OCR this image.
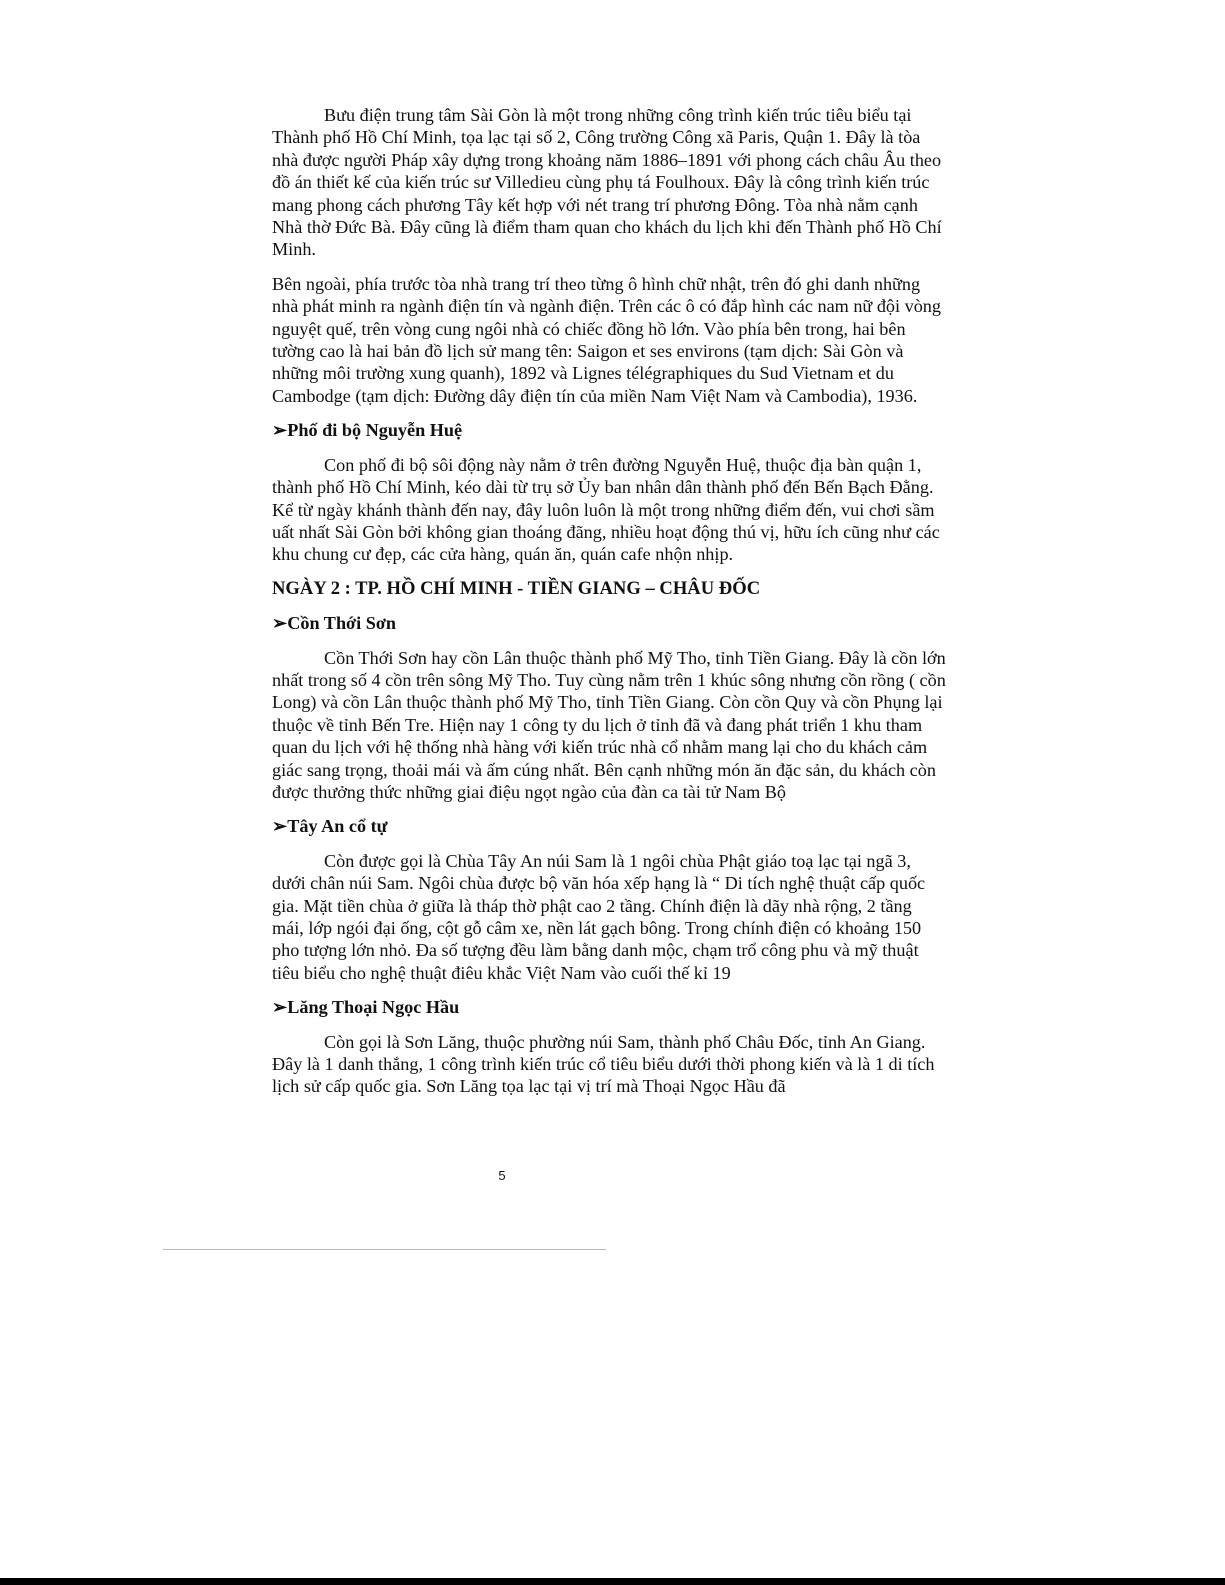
Bưu điện trung tâm Sài Gòn là một trong những công trình kiến trúc tiêu biểu tại Thành phố Hồ Chí Minh, tọa lạc tại số 2, Công trường Công xã Paris, Quận 1. Đây là tòa nhà được người Pháp xây dựng trong khoảng năm 1886–1891 với phong cách châu Âu theo đồ án thiết kế của kiến trúc sư Villedieu cùng phụ tá Foulhoux. Đây là công trình kiến trúc mang phong cách phương Tây kết hợp với nét trang trí phương Đông. Tòa nhà nằm cạnh Nhà thờ Đức Bà. Đây cũng là điểm tham quan cho khách du lịch khi đến Thành phố Hồ Chí Minh.

Bên ngoài, phía trước tòa nhà trang trí theo từng ô hình chữ nhật, trên đó ghi danh những nhà phát minh ra ngành điện tín và ngành điện. Trên các ô có đắp hình các nam nữ đội vòng nguyệt quế, trên vòng cung ngôi nhà có chiếc đồng hồ lớn. Vào phía bên trong, hai bên tường cao là hai bản đồ lịch sử mang tên: Saigon et ses environs (tạm dịch: Sài Gòn và những môi trường xung quanh), 1892 và Lignes télégraphiques du Sud Vietnam et du Cambodge (tạm dịch: Đường dây điện tín của miền Nam Việt Nam và Cambodia), 1936.

➢Phố đi bộ Nguyễn Huệ

Con phố đi bộ sôi động này nằm ở trên đường Nguyễn Huệ, thuộc địa bàn quận 1, thành phố Hồ Chí Minh, kéo dài từ trụ sở Ủy ban nhân dân thành phố đến Bến Bạch Đằng. Kể từ ngày khánh thành đến nay, đây luôn luôn là một trong những điểm đến, vui chơi sầm uất nhất Sài Gòn bởi không gian thoáng đãng, nhiều hoạt động thú vị, hữu ích cũng như các khu chung cư đẹp, các cửa hàng, quán ăn, quán cafe nhộn nhịp.

NGÀY 2 : TP. HỒ CHÍ MINH - TIỀN GIANG – CHÂU ĐỐC
➢Cồn Thới Sơn

Cồn Thới Sơn hay cồn Lân thuộc thành phố Mỹ Tho, tỉnh Tiền Giang. Đây là cồn lớn nhất trong số 4 cồn trên sông Mỹ Tho. Tuy cùng nằm trên 1 khúc sông nhưng cồn rồng ( cồn Long) và cồn Lân thuộc thành phố Mỹ Tho, tỉnh Tiền Giang. Còn cồn Quy và cồn Phụng lại thuộc về tỉnh Bến Tre. Hiện nay 1 công ty du lịch ở tỉnh đã và đang phát triển 1 khu tham quan du lịch với hệ thống nhà hàng với kiến trúc nhà cổ nhằm mang lại cho du khách cảm giác sang trọng, thoải mái và ấm cúng nhất. Bên cạnh những món ăn đặc sản, du khách còn được thưởng thức những giai điệu ngọt ngào của đàn ca tài tử Nam Bộ

➢Tây An cổ tự

Còn được gọi là Chùa Tây An núi Sam là 1 ngôi chùa Phật giáo toạ lạc tại ngã 3, dưới chân núi Sam. Ngôi chùa được bộ văn hóa xếp hạng là “ Di tích nghệ thuật cấp quốc gia. Mặt tiền chùa ở giữa là tháp thờ phật cao 2 tầng. Chính điện là dãy nhà rộng, 2 tầng mái, lớp ngói đại ống, cột gỗ câm xe, nền lát gạch bông. Trong chính điện có khoảng 150 pho tượng lớn nhỏ. Đa số tượng đều làm bằng danh mộc, chạm trổ công phu và mỹ thuật tiêu biểu cho nghệ thuật điêu khắc Việt Nam vào cuối thế kỉ 19

➢Lăng Thoại Ngọc Hầu

Còn gọi là Sơn Lăng, thuộc phường núi Sam, thành phố Châu Đốc, tỉnh An Giang. Đây là 1 danh thắng, 1 công trình kiến trúc cổ tiêu biểu dưới thời phong kiến và là 1 di tích lịch sử cấp quốc gia. Sơn Lăng tọa lạc tại vị trí mà Thoại Ngọc Hầu đã

5
